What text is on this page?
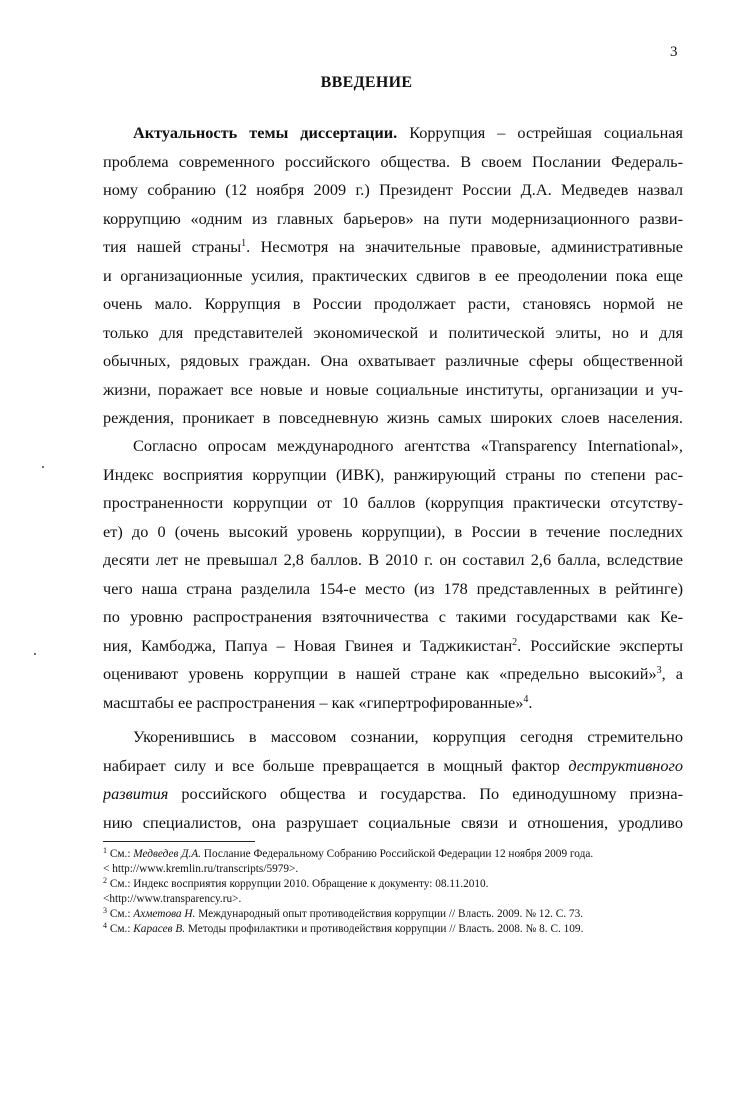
3
ВВЕДЕНИЕ
Актуальность темы диссертации. Коррупция – острейшая социальная
проблема современного российского общества. В своем Послании Федераль-
ному собранию (12 ноября 2009 г.) Президент России Д.А. Медведев назвал
коррупцию «одним из главных барьеров» на пути модернизационного разви-
тия нашей страны$^1$. Несмотря на значительные правовые, административные
и организационные усилия, практических сдвигов в ее преодолении пока еще
очень мало. Коррупция в России продолжает расти, становясь нормой не
только для представителей экономической и политической элиты, но и для
обычных, рядовых граждан. Она охватывает различные сферы общественной
жизни, поражает все новые и новые социальные институты, организации и уч-
реждения, проникает в повседневную жизнь самых широких слоев населения.
Согласно опросам международного агентства «Transparency International»,
Индекс восприятия коррупции (ИВК), ранжирующий страны по степени рас-
пространенности коррупции от 10 баллов (коррупция практически отсутству-
ет) до 0 (очень высокий уровень коррупции), в России в течение последних
десяти лет не превышал 2,8 баллов. В 2010 г. он составил 2,6 балла, вследствие
чего наша страна разделила 154-е место (из 178 представленных в рейтинге)
по уровню распространения взяточничества с такими государствами как Ке-
ния, Камбоджа, Папуа – Новая Гвинея и Таджикистан$^2$. Российские эксперты
оценивают уровень коррупции в нашей стране как «предельно высокий»$^3$, а
масштабы ее распространения – как «гипертрофированные»$^4$.
Укоренившись в массовом сознании, коррупция сегодня стремительно
набирает силу и все больше превращается в мощный фактор деструктивного
развития российского общества и государства. По единодушному призна-
нию специалистов, она разрушает социальные связи и отношения, уродливо
$^1$ См.: Медведев Д.А. Послание Федеральному Собранию Российской Федерации 12 ноября 2009 года.
< http://www.kremlin.ru/transcripts/5979>.
$^2$ См.: Индекс восприятия коррупции 2010. Обращение к документу: 08.11.2010.
<http://www.transparency.ru>.
$^3$ См.: Ахметова Н. Международный опыт противодействия коррупции // Власть. 2009. № 12. С. 73.
$^4$ См.: Карасев В. Методы профилактики и противодействия коррупции // Власть. 2008. № 8. С. 109.
